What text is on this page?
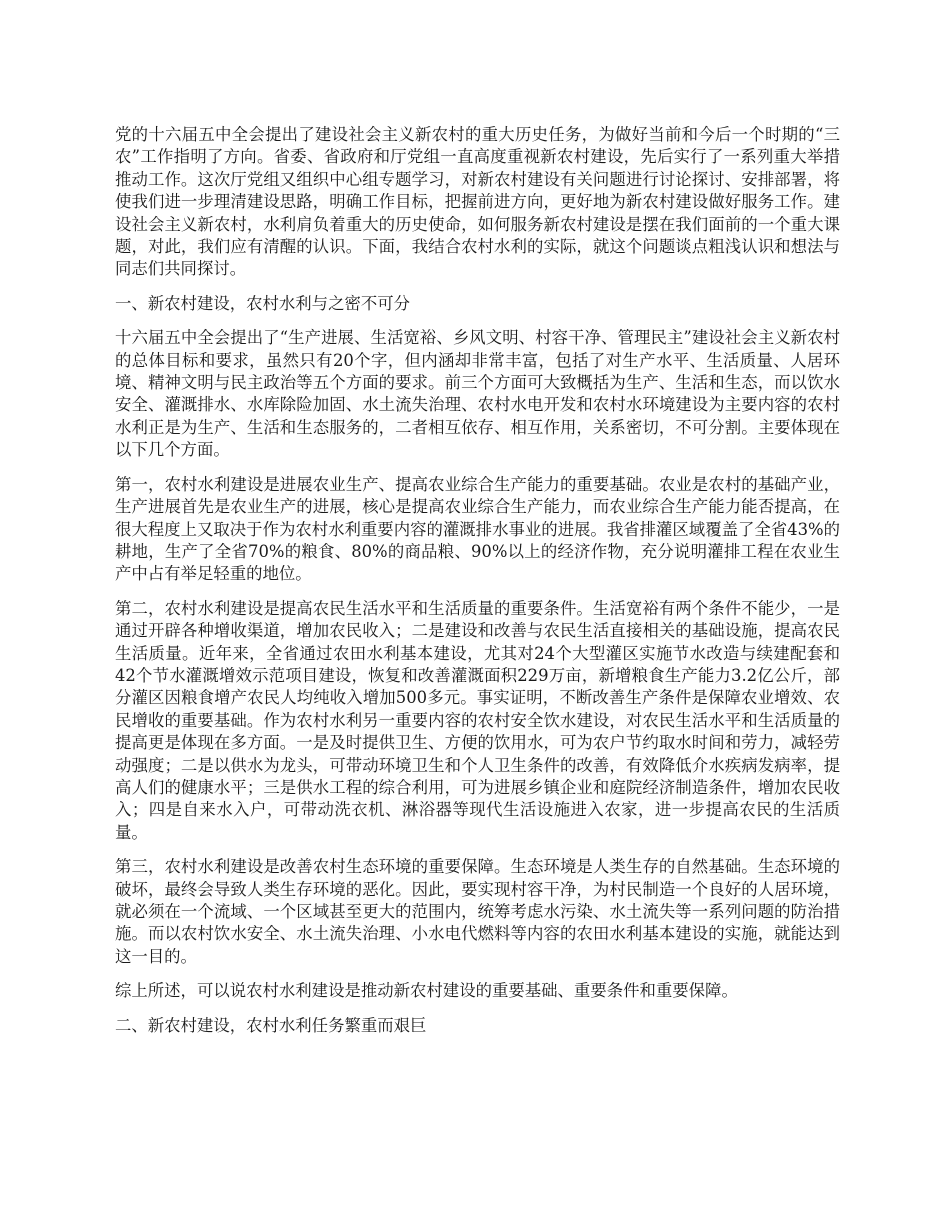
党的十六届五中全会提出了建设社会主义新农村的重大历史任务，为做好当前和今后一个时期的“三农”工作指明了方向。省委、省政府和厅党组一直高度重视新农村建设，先后实行了一系列重大举措推动工作。这次厅党组又组织中心组专题学习，对新农村建设有关问题进行讨论探讨、安排部署，将使我们进一步理清建设思路，明确工作目标，把握前进方向，更好地为新农村建设做好服务工作。建设社会主义新农村，水利肩负着重大的历史使命，如何服务新农村建设是摆在我们面前的一个重大课题，对此，我们应有清醒的认识。下面，我结合农村水利的实际，就这个问题谈点粗浅认识和想法与同志们共同探讨。

一、新农村建设，农村水利与之密不可分

十六届五中全会提出了“生产进展、生活宽裕、乡风文明、村容干净、管理民主”建设社会主义新农村的总体目标和要求，虽然只有20个字，但内涵却非常丰富，包括了对生产水平、生活质量、人居环境、精神文明与民主政治等五个方面的要求。前三个方面可大致概括为生产、生活和生态，而以饮水安全、灌溉排水、水库除险加固、水土流失治理、农村水电开发和农村水环境建设为主要内容的农村水利正是为生产、生活和生态服务的，二者相互依存、相互作用，关系密切，不可分割。主要体现在以下几个方面。

第一，农村水利建设是进展农业生产、提高农业综合生产能力的重要基础。农业是农村的基础产业，生产进展首先是农业生产的进展，核心是提高农业综合生产能力，而农业综合生产能力能否提高，在很大程度上又取决于作为农村水利重要内容的灌溉排水事业的进展。我省排灌区域覆盖了全省43%的耕地，生产了全省70%的粮食、80%的商品粮、90%以上的经济作物，充分说明灌排工程在农业生产中占有举足轻重的地位。

第二，农村水利建设是提高农民生活水平和生活质量的重要条件。生活宽裕有两个条件不能少，一是通过开辟各种增收渠道，增加农民收入；二是建设和改善与农民生活直接相关的基础设施，提高农民生活质量。近年来，全省通过农田水利基本建设，尤其对24个大型灌区实施节水改造与续建配套和42个节水灌溉增效示范项目建设，恢复和改善灌溉面积229万亩，新增粮食生产能力3.2亿公斤，部分灌区因粮食增产农民人均纯收入增加500多元。事实证明，不断改善生产条件是保障农业增效、农民增收的重要基础。作为农村水利另一重要内容的农村安全饮水建设，对农民生活水平和生活质量的提高更是体现在多方面。一是及时提供卫生、方便的饮用水，可为农户节约取水时间和劳力，减轻劳动强度；二是以供水为龙头，可带动环境卫生和个人卫生条件的改善，有效降低介水疾病发病率，提高人们的健康水平；三是供水工程的综合利用，可为进展乡镇企业和庭院经济制造条件，增加农民收入；四是自来水入户，可带动洗衣机、淋浴器等现代生活设施进入农家，进一步提高农民的生活质量。

第三，农村水利建设是改善农村生态环境的重要保障。生态环境是人类生存的自然基础。生态环境的破坏，最终会导致人类生存环境的恶化。因此，要实现村容干净，为村民制造一个良好的人居环境，就必须在一个流域、一个区域甚至更大的范围内，统筹考虑水污染、水土流失等一系列问题的防治措施。而以农村饮水安全、水土流失治理、小水电代燃料等内容的农田水利基本建设的实施，就能达到这一目的。

综上所述，可以说农村水利建设是推动新农村建设的重要基础、重要条件和重要保障。

二、新农村建设，农村水利任务繁重而艰巨
